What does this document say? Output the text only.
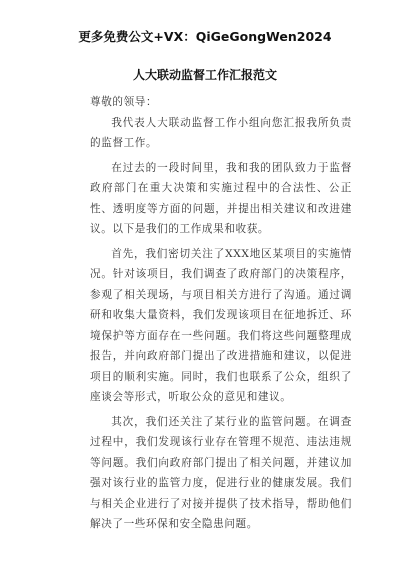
更多免费公文+VX：QiGeGongWen2024
人大联动监督工作汇报范文

尊敬的领导：

我代表人大联动监督工作小组向您汇报我所负责的监督工作。

在过去的一段时间里，我和我的团队致力于监督政府部门在重大决策和实施过程中的合法性、公正性、透明度等方面的问题，并提出相关建议和改进建议。以下是我们的工作成果和收获。

首先，我们密切关注了XXX地区某项目的实施情况。针对该项目，我们调查了政府部门的决策程序，参观了相关现场，与项目相关方进行了沟通。通过调研和收集大量资料，我们发现该项目在征地拆迁、环境保护等方面存在一些问题。我们将这些问题整理成报告，并向政府部门提出了改进措施和建议，以促进项目的顺利实施。同时，我们也联系了公众，组织了座谈会等形式，听取公众的意见和建议。

其次，我们还关注了某行业的监管问题。在调查过程中，我们发现该行业存在管理不规范、违法违规等问题。我们向政府部门提出了相关问题，并建议加强对该行业的监管力度，促进行业的健康发展。我们与相关企业进行了对接并提供了技术指导，帮助他们解决了一些环保和安全隐患问题。
